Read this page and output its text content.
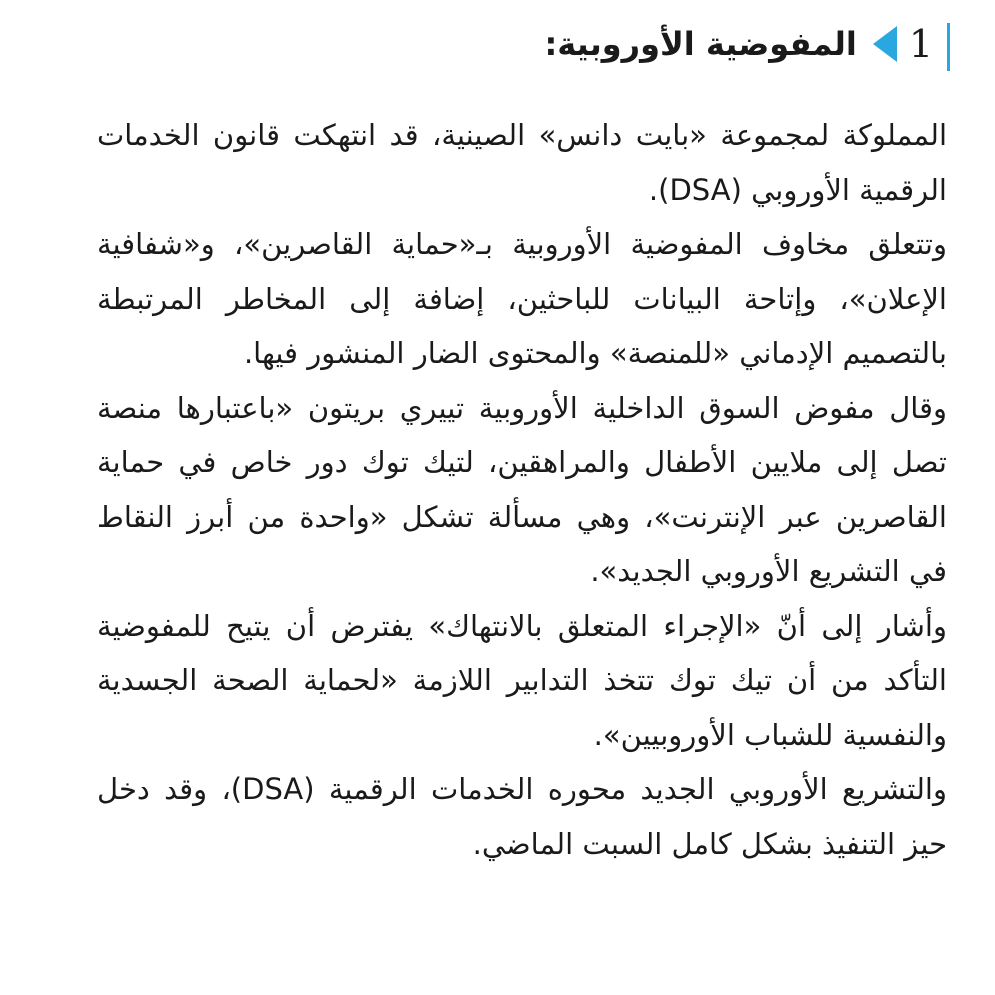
1
المفوضية الأوروبية:

المملوكة لمجموعة «بايت دانس» الصينية، قد انتهكت قانون الخدمات الرقمية الأوروبي (DSA).

وتتعلق مخاوف المفوضية الأوروبية بـ«حماية القاصرين»، و«شفافية الإعلان»، وإتاحة البيانات للباحثين، إضافة إلى المخاطر المرتبطة بالتصميم الإدماني «للمنصة» والمحتوى الضار المنشور فيها.

وقال مفوض السوق الداخلية الأوروبية تييري بريتون «باعتبارها منصة تصل إلى ملايين الأطفال والمراهقين، لتيك توك دور خاص في حماية القاصرين عبر الإنترنت»، وهي مسألة تشكل «واحدة من أبرز النقاط في التشريع الأوروبي الجديد».

وأشار إلى أنّ «الإجراء المتعلق بالانتهاك» يفترض أن يتيح للمفوضية التأكد من أن تيك توك تتخذ التدابير اللازمة «لحماية الصحة الجسدية والنفسية للشباب الأوروبيين».

والتشريع الأوروبي الجديد محوره الخدمات الرقمية (DSA)، وقد دخل حيز التنفيذ بشكل كامل السبت الماضي.
